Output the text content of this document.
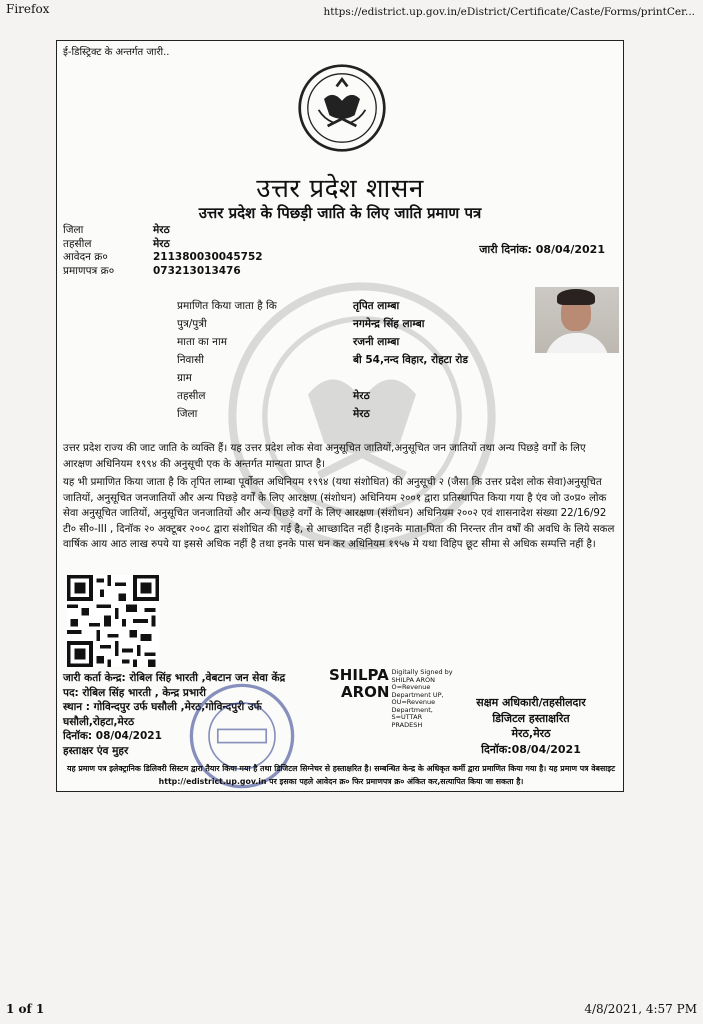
Firefox	https://edistrict.up.gov.in/eDistrict/Certificate/Caste/Forms/printCer...
ई-डिस्ट्रिक्ट के अन्तर्गत जारी..
उत्तर प्रदेश शासन
उत्तर प्रदेश के पिछड़ी जाति के लिए जाति प्रमाण पत्र
जिला	मेरठ
तहसील	मेरठ
आवेदन क्र०	211380030045752
प्रमाणपत्र क्र०	073213013476
जारी दिनांक: 08/04/2021
प्रमाणित किया जाता है कि	तृपित लाम्बा
पुत्र/पुत्री	नगमेन्द्र सिंह लाम्बा
माता का नाम	रजनी लाम्बा
निवासी	बी 54,नन्द विहार, रोहटा रोड
ग्राम
तहसील	मेरठ
जिला	मेरठ
उत्तर प्रदेश राज्य की जाट जाति के व्यक्ति हैं। यह उत्तर प्रदेश लोक सेवा अनुसूचित जातियों,अनुसूचित जन जातियों तथा अन्य पिछड़े वर्गों के लिए आरक्षण अधिनियम १९९४ की अनुसूची एक के अन्तर्गत मान्यता प्राप्त है।
यह भी प्रमाणित किया जाता है कि तृपित लाम्बा पूर्वोक्त अधिनियम १९९४ (यथा संशोधित) की अनुसूची २ (जैसा कि उत्तर प्रदेश लोक सेवा)अनुसूचित जातियों, अनुसूचित जनजातियों और अन्य पिछड़े वर्गों के लिए आरक्षण (संशोधन) अधिनियम २००१ द्वारा प्रतिस्थापित किया गया है एंव जो उ०प्र० लोक सेवा अनुसूचित जातियों, अनुसूचित जनजातियों और अन्य पिछड़े वर्गों के लिए आरक्षण (संशोधन) अधिनियम २००२ एवं शासनादेश संख्या 22/16/92 टी० सी०-III , दिनॉक २० अक्टूबर २००८ द्वारा संशोधित की गई है, से आच्छादित नहीं है।इनके माता-पिता की निरन्तर तीन वर्षों की अवधि के लिये सकल वार्षिक आय आठ लाख रुपये या इससे अधिक नहीं है तथा इनके पास धन कर अधिनियम १९५७ मे यथा विहिप छूट सीमा से अधिक सम्पत्ति नहीं है।
जारी कर्ता केन्द्र: रोबिल सिंह भारती ,वेबटान जन सेवा केंद्र
पद: रोबिल सिंह भारती , केन्द्र प्रभारी
स्थान : गोविन्दपुर उर्फ घसौली ,मेरठ,गोविन्दपुरी उर्फ
घसौली,रोहटा,मेरठ
दिनॉक: 08/04/2021
हस्ताक्षर एंव मुहर
SHILPA
ARON
Digitally Signed by
SHILPA ARON
O=Revenue
Department UP,
OU=Revenue
Department,
S=UTTAR
PRADESH
सक्षम अधिकारी/तहसीलदार
डिजिटल हस्ताक्षरित
मेरठ,मेरठ
दिनॉक:08/04/2021
यह प्रमाण पत्र इलेक्ट्रानिक डिलिवरी सिस्टम द्वारा तैयार किया गया है तथा डिजिटल सिग्नेचर से हस्ताक्षरित है। सम्बन्धित केन्द्र के अधिकृत कर्मी द्वारा प्रमाणित किया गया है। यह प्रमाण पत्र वेबसाइट http://edistrict.up.gov.in पर इसका पहले आवेदन क्र० फिर प्रमाणपत्र क्र० अंकित कर,सत्यापित किया जा सकता है।
1 of 1	4/8/2021, 4:57 PM
